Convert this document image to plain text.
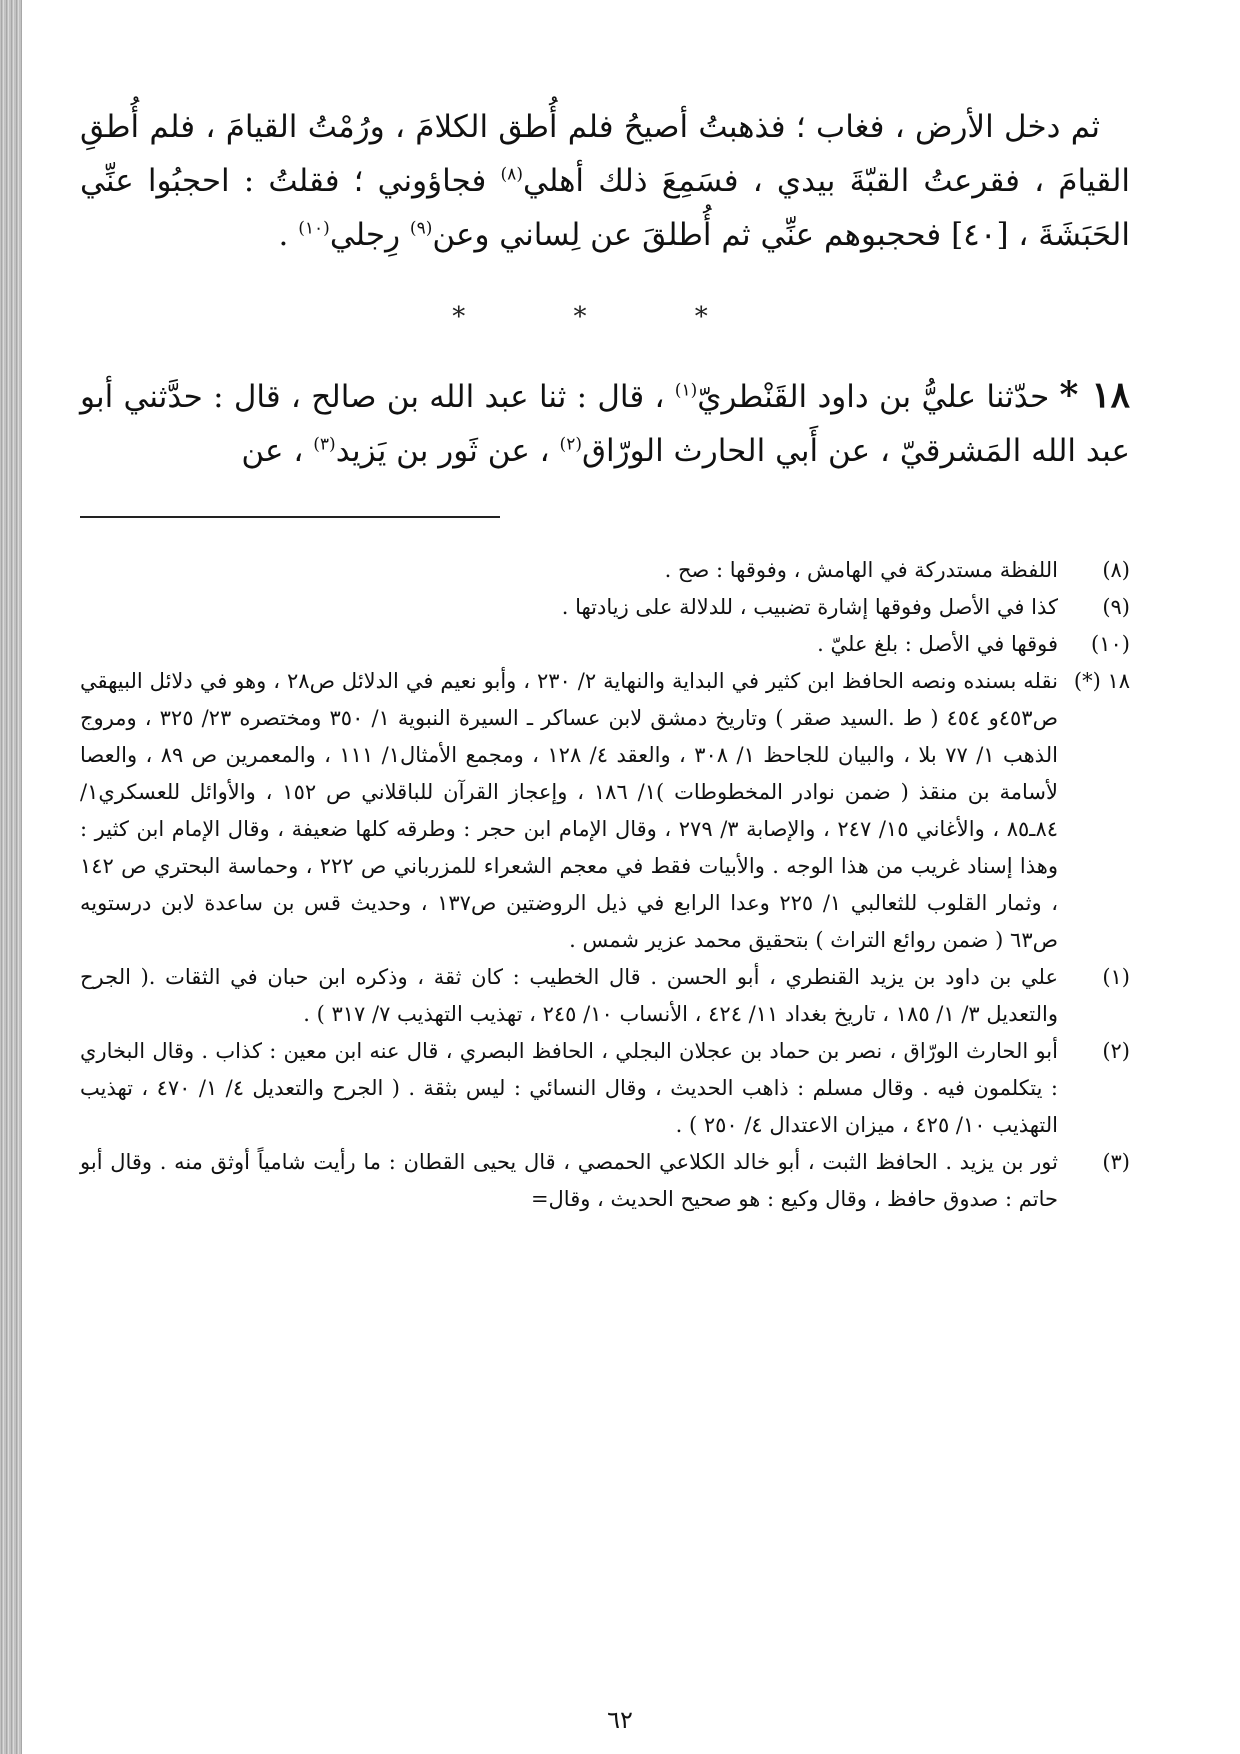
ثم دخل الأرض ، فغاب ؛ فذهبتُ أصيحُ فلم أُطق الكلامَ ، ورُمْتُ القيامَ ، فلم أُطقِ القيامَ ، فقرعتُ القبّةَ بيدي ، فسَمِعَ ذلك أهلي$^{(٨)}$ فجاؤوني ؛ فقلتُ : احجبُوا عنِّي الحَبَشَةَ ، [٤٠] فحجبوهم عنِّي ثم أُطلقَ عن لِساني وعن$^{(٩)}$ رِجلي$^{(١٠)}$ .

* * *

١٨ * حدّثنا عليُّ بن داود القَنْطريّ$^{(١)}$ ، قال : ثنا عبد الله بن صالح ، قال : حدَّثني أبو عبد الله المَشرقيّ ، عن أَبي الحارث الورّاق$^{(٢)}$ ، عن ثَور بن يَزيد$^{(٣)}$ ، عن

(٨)
اللفظة مستدركة في الهامش ، وفوقها : صح .
(٩)
كذا في الأصل وفوقها إشارة تضبيب ، للدلالة على زيادتها .
(١٠)
فوقها في الأصل : بلغ عليّ .
١٨ (*)
نقله بسنده ونصه الحافظ ابن كثير في البداية والنهاية ٢/ ٢٣٠ ، وأبو نعيم في الدلائل ص٢٨ ، وهو في دلائل البيهقي ص٤٥٣و ٤٥٤ ( ط .السيد صقر ) وتاريخ دمشق لابن عساكر ـ السيرة النبوية ١/ ٣٥٠ ومختصره ٢٣/ ٣٢٥ ، ومروج الذهب ١/ ٧٧ بلا ، والبيان للجاحظ ١/ ٣٠٨ ، والعقد ٤/ ١٢٨ ، ومجمع الأمثال١/ ١١١ ، والمعمرين ص ٨٩ ، والعصا لأسامة بن منقذ ( ضمن نوادر المخطوطات )١/ ١٨٦ ، وإعجاز القرآن للباقلاني ص ١٥٢ ، والأوائل للعسكري١/ ٨٤ـ٨٥ ، والأغاني ١٥/ ٢٤٧ ، والإصابة ٣/ ٢٧٩ ، وقال الإمام ابن حجر : وطرقه كلها ضعيفة ، وقال الإمام ابن كثير : وهذا إسناد غريب من هذا الوجه . والأبيات فقط في معجم الشعراء للمزرباني ص ٢٢٢ ، وحماسة البحتري ص ١٤٢ ، وثمار القلوب للثعالبي ١/ ٢٢٥ وعدا الرابع في ذيل الروضتين ص١٣٧ ، وحديث قس بن ساعدة لابن درستويه ص٦٣ ( ضمن روائع التراث ) بتحقيق محمد عزير شمس .
(١)
علي بن داود بن يزيد القنطري ، أبو الحسن . قال الخطيب : كان ثقة ، وذكره ابن حبان في الثقات .( الجرح والتعديل ٣/ ١/ ١٨٥ ، تاريخ بغداد ١١/ ٤٢٤ ، الأنساب ١٠/ ٢٤٥ ، تهذيب التهذيب ٧/ ٣١٧ ) .
(٢)
أبو الحارث الورّاق ، نصر بن حماد بن عجلان البجلي ، الحافظ البصري ، قال عنه ابن معين : كذاب . وقال البخاري : يتكلمون فيه . وقال مسلم : ذاهب الحديث ، وقال النسائي : ليس بثقة . ( الجرح والتعديل ٤/ ١/ ٤٧٠ ، تهذيب التهذيب ١٠/ ٤٢٥ ، ميزان الاعتدال ٤/ ٢٥٠ ) .
(٣)
ثور بن يزيد . الحافظ الثبت ، أبو خالد الكلاعي الحمصي ، قال يحيى القطان : ما رأيت شامياً أوثق منه . وقال أبو حاتم : صدوق حافظ ، وقال وكيع : هو صحيح الحديث ، وقال=
٦٢
